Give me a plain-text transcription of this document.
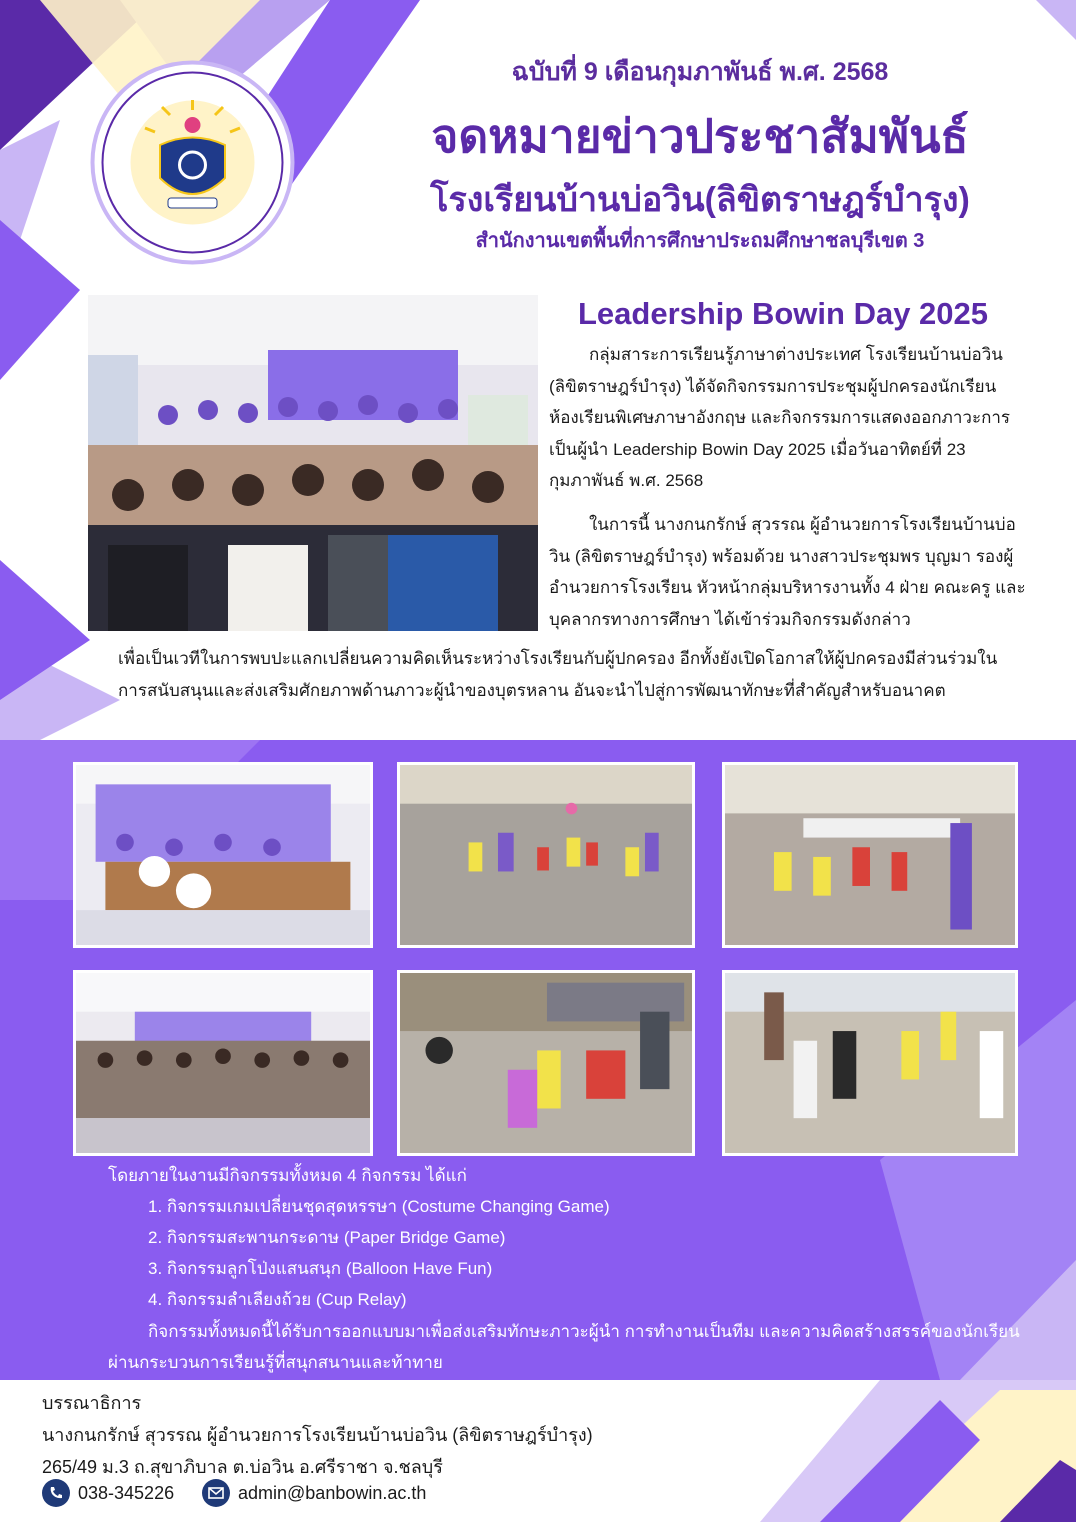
ฉบับที่ 9 เดือนกุมภาพันธ์ พ.ศ. 2568
จดหมายข่าวประชาสัมพันธ์
โรงเรียนบ้านบ่อวิน(ลิขิตราษฎร์บำรุง)
สำนักงานเขตพื้นที่การศึกษาประถมศึกษาชลบุรีเขต 3
Leadership Bowin Day 2025
กลุ่มสาระการเรียนรู้ภาษาต่างประเทศ โรงเรียนบ้านบ่อวิน (ลิขิตราษฎร์บำรุง) ได้จัดกิจกรรมการประชุมผู้ปกครองนักเรียนห้องเรียนพิเศษภาษาอังกฤษ และกิจกรรมการแสดงออกภาวะการเป็นผู้นำ Leadership Bowin Day 2025 เมื่อวันอาทิตย์ที่ 23 กุมภาพันธ์ พ.ศ. 2568
ในการนี้ นางกนกรักษ์ สุวรรณ ผู้อำนวยการโรงเรียนบ้านบ่อวิน (ลิขิตราษฎร์บำรุง) พร้อมด้วย นางสาวประชุมพร บุญมา รองผู้อำนวยการโรงเรียน หัวหน้ากลุ่มบริหารงานทั้ง 4 ฝ่าย คณะครู และบุคลากรทางการศึกษา ได้เข้าร่วมกิจกรรมดังกล่าว
เพื่อเป็นเวทีในการพบปะแลกเปลี่ยนความคิดเห็นระหว่างโรงเรียนกับผู้ปกครอง อีกทั้งยังเปิดโอกาสให้ผู้ปกครองมีส่วนร่วมในการสนับสนุนและส่งเสริมศักยภาพด้านภาวะผู้นำของบุตรหลาน อันจะนำไปสู่การพัฒนาทักษะที่สำคัญสำหรับอนาคต
โดยภายในงานมีกิจกรรมทั้งหมด 4 กิจกรรม ได้แก่
1. กิจกรรมเกมเปลี่ยนชุดสุดหรรษา (Costume Changing Game)
2. กิจกรรมสะพานกระดาษ (Paper Bridge Game)
3. กิจกรรมลูกโป่งแสนสนุก (Balloon Have Fun)
4. กิจกรรมลำเลียงถ้วย (Cup Relay)
กิจกรรมทั้งหมดนี้ได้รับการออกแบบมาเพื่อส่งเสริมทักษะภาวะผู้นำ การทำงานเป็นทีม และความคิดสร้างสรรค์ของนักเรียน ผ่านกระบวนการเรียนรู้ที่สนุกสนานและท้าทาย
บรรณาธิการ
นางกนกรักษ์ สุวรรณ ผู้อำนวยการโรงเรียนบ้านบ่อวิน (ลิขิตราษฎร์บำรุง)
265/49 ม.3 ถ.สุขาภิบาล ต.บ่อวิน อ.ศรีราชา จ.ชลบุรี
038-345226	admin@banbowin.ac.th
